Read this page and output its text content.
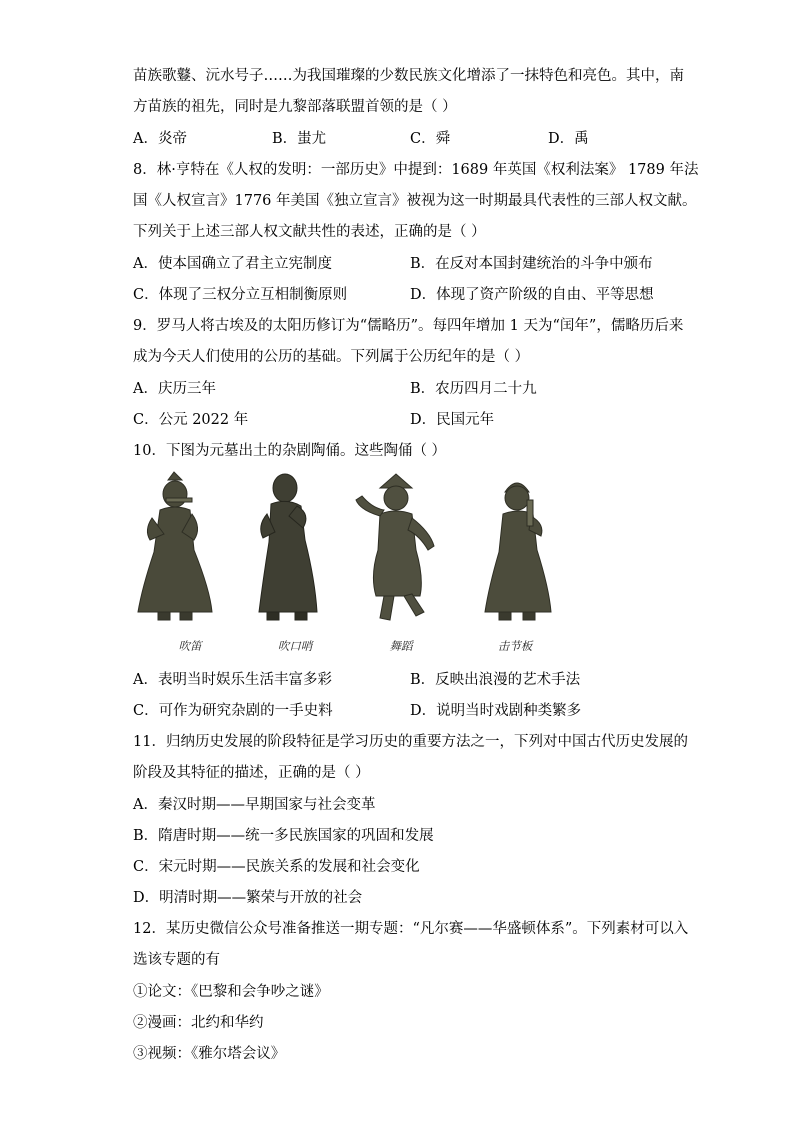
苗族歌鼟、沅水号子……为我国璀璨的少数民族文化增添了一抹特色和亮色。其中，南
方苗族的祖先，同时是九黎部落联盟首领的是（ ）
A．炎帝	B．蚩尤	C．舜	D．禹
8．林·亨特在《人权的发明：一部历史》中提到：1689 年英国《权利法案》 1789 年法
国《人权宣言》1776 年美国《独立宣言》被视为这一时期最具代表性的三部人权文献。
下列关于上述三部人权文献共性的表述，正确的是（ ）
A．使本国确立了君主立宪制度	B．在反对本国封建统治的斗争中颁布
C．体现了三权分立互相制衡原则	D．体现了资产阶级的自由、平等思想
9．罗马人将古埃及的太阳历修订为“儒略历”。每四年增加 1 天为“闰年”，儒略历后来
成为今天人们使用的公历的基础。下列属于公历纪年的是（ ）
A．庆历三年	B．农历四月二十九
C．公元 2022 年	D．民国元年
10．下图为元墓出土的杂剧陶俑。这些陶俑（ ）
吹笛	吹口哨	舞蹈	击节板
A．表明当时娱乐生活丰富多彩	B．反映出浪漫的艺术手法
C．可作为研究杂剧的一手史料	D．说明当时戏剧种类繁多
11．归纳历史发展的阶段特征是学习历史的重要方法之一，下列对中国古代历史发展的
阶段及其特征的描述，正确的是（ ）
A．秦汉时期——早期国家与社会变革
B．隋唐时期——统一多民族国家的巩固和发展
C．宋元时期——民族关系的发展和社会变化
D．明清时期——繁荣与开放的社会
12．某历史微信公众号准备推送一期专题：“凡尔赛——华盛顿体系”。下列素材可以入
选该专题的有
①论文：《巴黎和会争吵之谜》
②漫画：北约和华约
③视频：《雅尔塔会议》
